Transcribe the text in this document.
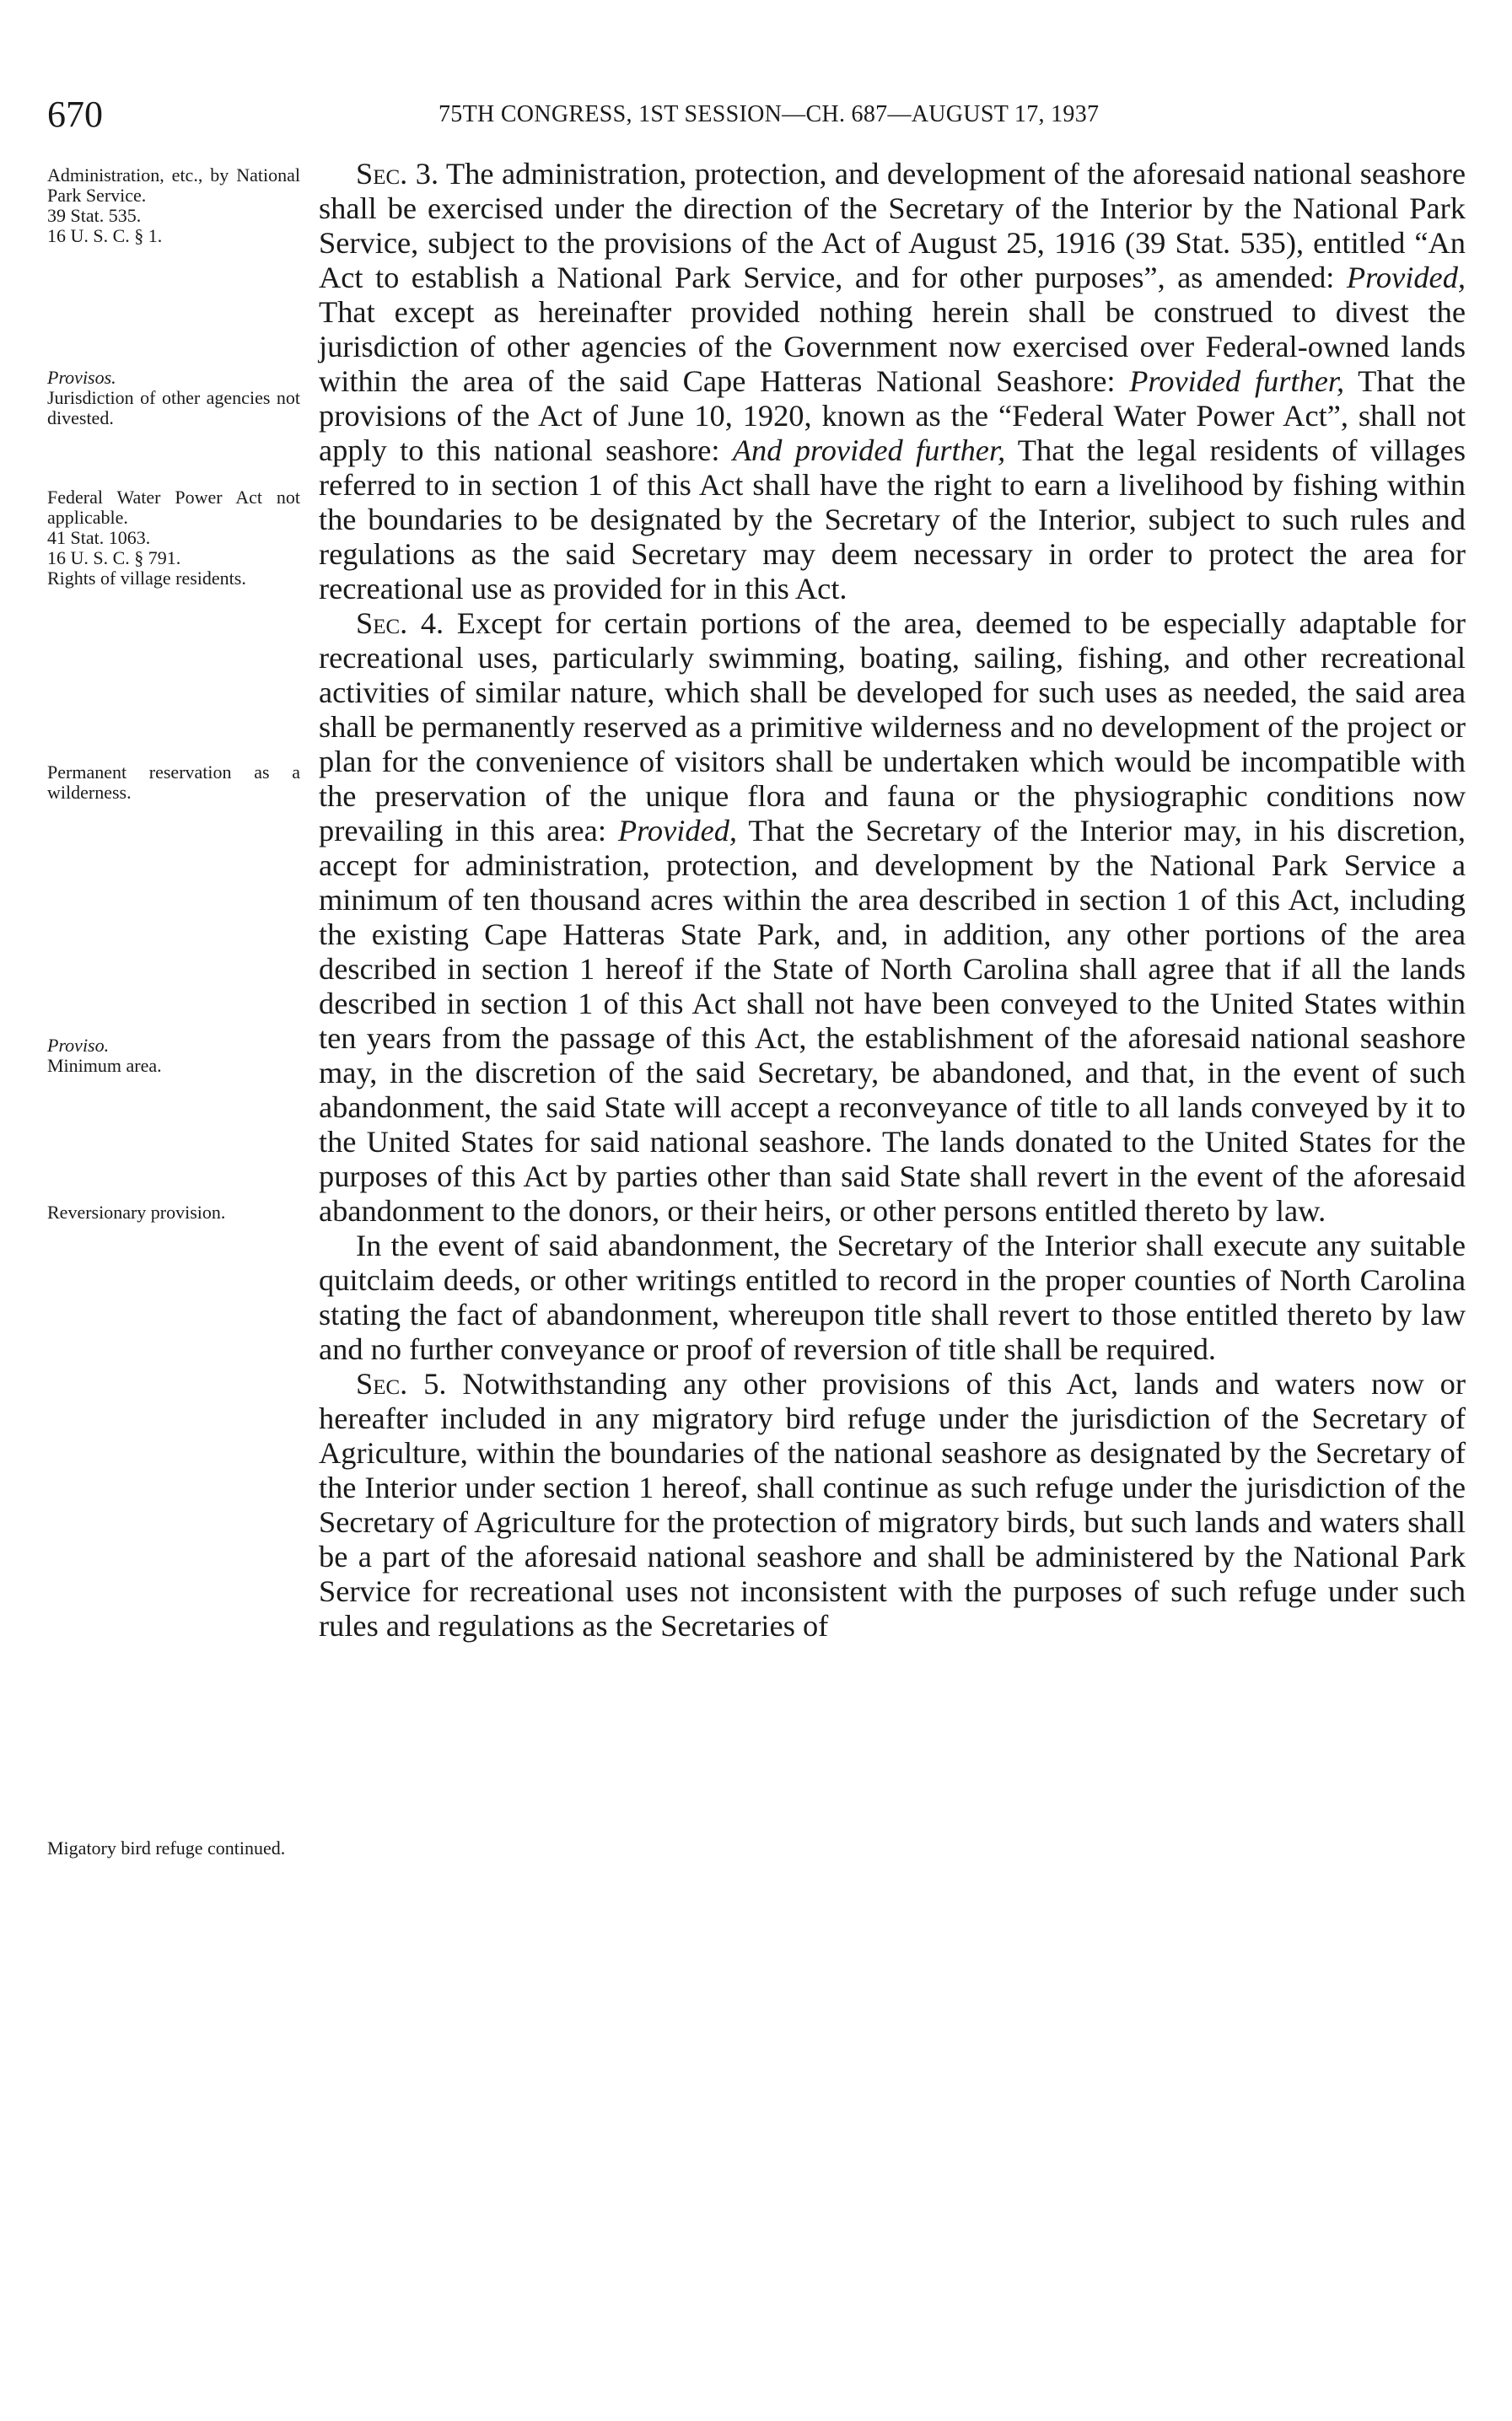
670	75TH CONGRESS, 1ST SESSION—CH. 687—AUGUST 17, 1937

Administration, etc., by National Park Service.

39 Stat. 535.

16 U. S. C. § 1.

Provisos.

Jurisdiction of other agencies not divested.

Federal Water Power Act not applicable.

41 Stat. 1063.

16 U. S. C. § 791.

Rights of village residents.

Permanent reservation as a wilderness.

Proviso.

Minimum area.

Reversionary provision.

Migatory bird refuge continued.

Sec. 3. The administration, protection, and development of the aforesaid national seashore shall be exercised under the direction of the Secretary of the Interior by the National Park Service, subject to the provisions of the Act of August 25, 1916 (39 Stat. 535), entitled “An Act to establish a National Park Service, and for other purposes”, as amended: Provided, That except as hereinafter provided nothing herein shall be construed to divest the jurisdiction of other agencies of the Government now exercised over Federal-owned lands within the area of the said Cape Hatteras National Seashore: Provided further, That the provisions of the Act of June 10, 1920, known as the “Federal Water Power Act”, shall not apply to this national seashore: And provided further, That the legal residents of villages referred to in section 1 of this Act shall have the right to earn a livelihood by fishing within the boundaries to be designated by the Secretary of the Interior, subject to such rules and regulations as the said Secretary may deem necessary in order to protect the area for recreational use as provided for in this Act.

Sec. 4. Except for certain portions of the area, deemed to be especially adaptable for recreational uses, particularly swimming, boating, sailing, fishing, and other recreational activities of similar nature, which shall be developed for such uses as needed, the said area shall be permanently reserved as a primitive wilderness and no development of the project or plan for the convenience of visitors shall be undertaken which would be incompatible with the preservation of the unique flora and fauna or the physiographic conditions now prevailing in this area: Provided, That the Secretary of the Interior may, in his discretion, accept for administration, protection, and development by the National Park Service a minimum of ten thousand acres within the area described in section 1 of this Act, including the existing Cape Hatteras State Park, and, in addition, any other portions of the area described in section 1 hereof if the State of North Carolina shall agree that if all the lands described in section 1 of this Act shall not have been conveyed to the United States within ten years from the passage of this Act, the establishment of the aforesaid national seashore may, in the discretion of the said Secretary, be abandoned, and that, in the event of such abandonment, the said State will accept a reconveyance of title to all lands conveyed by it to the United States for said national seashore. The lands donated to the United States for the purposes of this Act by parties other than said State shall revert in the event of the aforesaid abandonment to the donors, or their heirs, or other persons entitled thereto by law.

In the event of said abandonment, the Secretary of the Interior shall execute any suitable quitclaim deeds, or other writings entitled to record in the proper counties of North Carolina stating the fact of abandonment, whereupon title shall revert to those entitled thereto by law and no further conveyance or proof of reversion of title shall be required.

Sec. 5. Notwithstanding any other provisions of this Act, lands and waters now or hereafter included in any migratory bird refuge under the jurisdiction of the Secretary of Agriculture, within the boundaries of the national seashore as designated by the Secretary of the Interior under section 1 hereof, shall continue as such refuge under the jurisdiction of the Secretary of Agriculture for the protection of migratory birds, but such lands and waters shall be a part of the aforesaid national seashore and shall be administered by the National Park Service for recreational uses not inconsistent with the purposes of such refuge under such rules and regulations as the Secretaries of
